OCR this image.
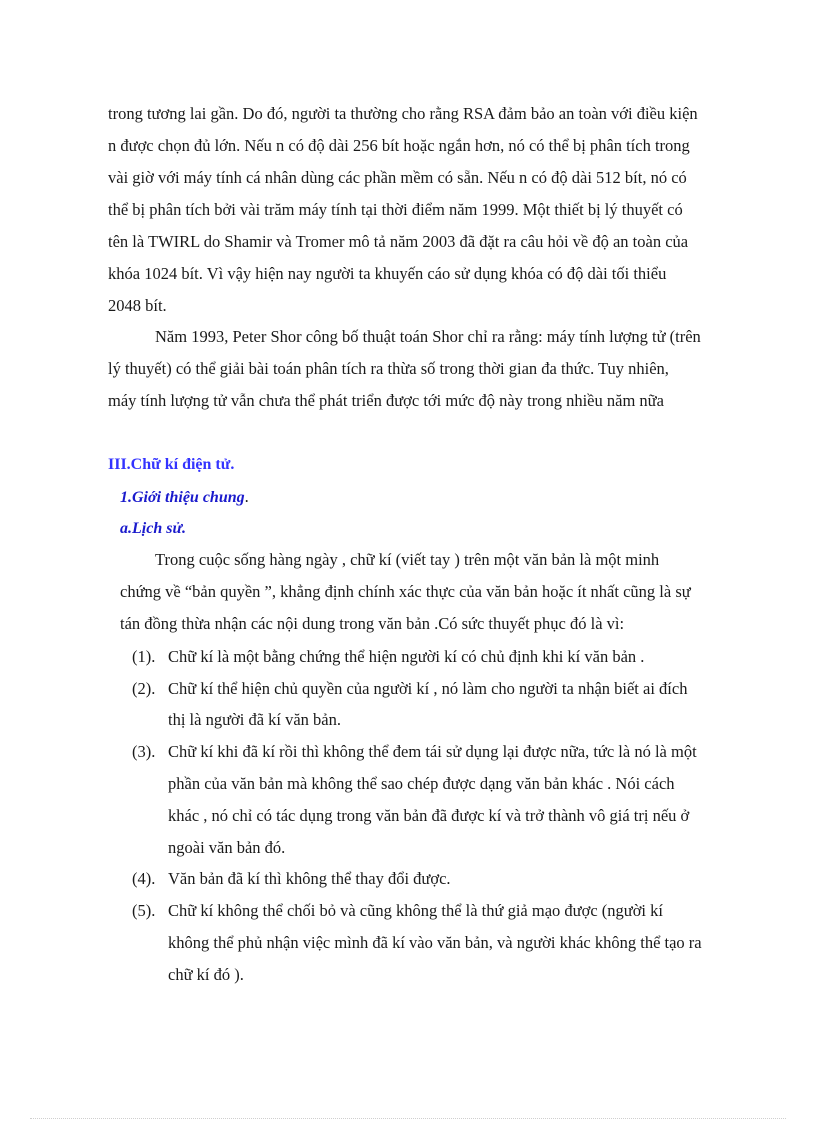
trong tương lai gần. Do đó, người ta thường cho rằng RSA đảm bảo an toàn với điều kiện
n được chọn đủ lớn. Nếu n có độ dài 256 bít hoặc ngắn hơn, nó có thể bị phân tích trong
vài giờ với máy tính cá nhân dùng các phần mềm có sẵn. Nếu n có độ dài 512 bít, nó có
thể bị phân tích bởi vài trăm máy tính tại thời điểm năm 1999. Một thiết bị lý thuyết có
tên là TWIRL do Shamir và Tromer mô tả năm 2003 đã đặt ra câu hỏi về độ an toàn của
khóa 1024 bít. Vì vậy hiện nay người ta khuyến cáo sử dụng khóa có độ dài tối thiểu
2048 bít.
Năm 1993, Peter Shor công bố thuật toán Shor chỉ ra rằng: máy tính lượng tử (trên
lý thuyết) có thể giải bài toán phân tích ra thừa số trong thời gian đa thức. Tuy nhiên,
máy tính lượng tử vẫn chưa thể phát triển được tới mức độ này trong nhiều năm nữa
III.Chữ kí điện tử.
1.Giới thiệu chung.
a.Lịch sử.
Trong cuộc sống hàng ngày , chữ kí (viết tay ) trên một văn bản là một minh
chứng về “bản quyền ”, khẳng định chính xác thực của văn bản hoặc ít nhất cũng là sự
tán đồng thừa nhận các nội dung trong văn bản .Có sức thuyết phục đó là vì:
(1). Chữ kí là một bằng chứng thể hiện người kí có chủ định khi kí văn bản .
(2). Chữ kí thể hiện chủ quyền của người kí , nó làm cho người ta nhận biết ai đích
thị là người đã kí văn bản.
(3). Chữ kí khi đã kí rồi thì không thể đem tái sử dụng lại được nữa, tức là nó là một
phần của văn bản mà không thể sao chép được dạng văn bản khác . Nói cách
khác , nó chỉ có tác dụng trong văn bản đã được kí và trở thành vô giá trị nếu ở
ngoài văn bản đó.
(4). Văn bản đã kí thì không thể thay đổi được.
(5). Chữ kí không thể chối bỏ và cũng không thể là thứ giả mạo được (người kí
không thể phủ nhận việc mình đã kí vào văn bản, và người khác không thể tạo ra
chữ kí đó ).
